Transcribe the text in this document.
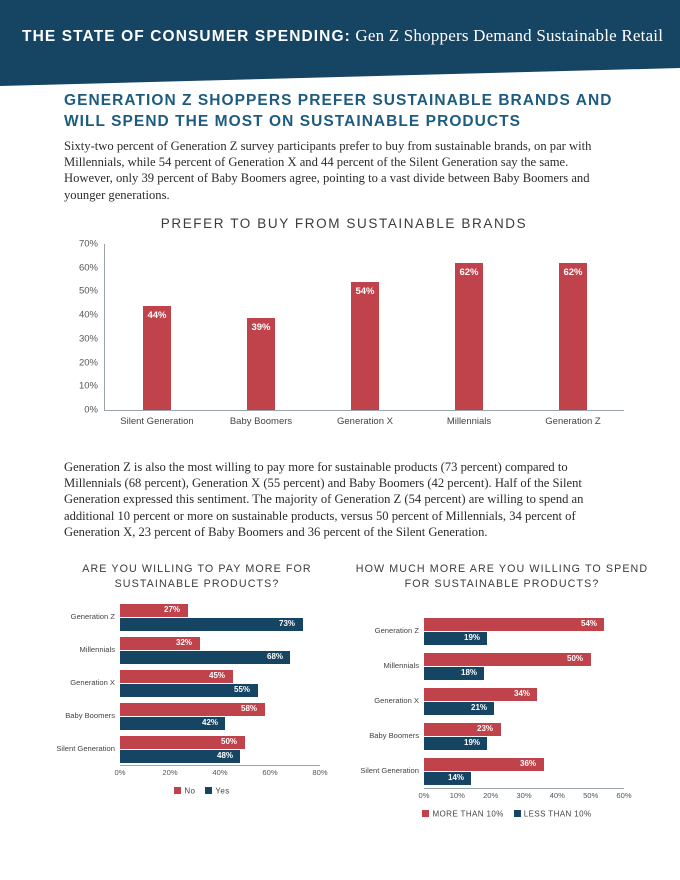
THE STATE OF CONSUMER SPENDING: Gen Z Shoppers Demand Sustainable Retail
GENERATION Z SHOPPERS PREFER SUSTAINABLE BRANDS AND WILL SPEND THE MOST ON SUSTAINABLE PRODUCTS
Sixty-two percent of Generation Z survey participants prefer to buy from sustainable brands, on par with Millennials, while 54 percent of Generation X and 44 percent of the Silent Generation say the same. However, only 39 percent of Baby Boomers agree, pointing to a vast divide between Baby Boomers and younger generations.
PREFER TO BUY FROM SUSTAINABLE BRANDS
0%
10%
20%
30%
40%
50%
60%
70%
44%
39%
54%
62%	62%
Silent Generation	Baby Boomers	Generation X	Millennials	Generation Z
Generation Z is also the most willing to pay more for sustainable products (73 percent) compared to Millennials (68 percent), Generation X (55 percent) and Baby Boomers (42 percent). Half of the Silent Generation expressed this sentiment. The majority of Generation Z (54 percent) are willing to spend an additional 10 percent or more on sustainable products, versus 50 percent of Millennials, 34 percent of Generation X, 23 percent of Baby Boomers and 36 percent of the Silent Generation.
ARE YOU WILLING TO PAY MORE FOR SUSTAINABLE PRODUCTS?
Generation Z
27%
73%
Millennials
32%
68%
Generation X
45%
55%
Baby Boomers
58%
42%
Silent Generation
50%
48%
0%	20%	40%	60%	80%
No	Yes
HOW MUCH MORE ARE YOU WILLING TO SPEND FOR SUSTAINABLE PRODUCTS?
Generation Z
54%
19%
Millennials
50%
18%
Generation X
34%
21%
Baby Boomers
23%
19%
Silent Generation
36%
14%
0%	10% 20% 30% 40% 50% 60%
MORE THAN 10%	LESS THAN 10%
